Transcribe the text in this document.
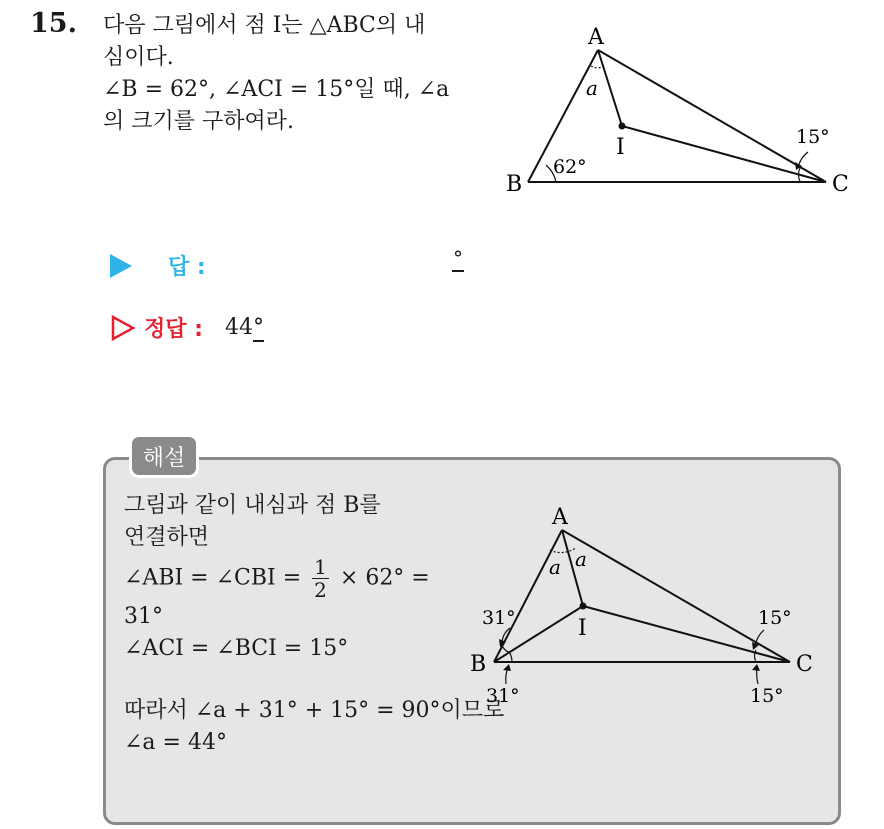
15. 다음 그림에서 점 I는 △ABC의 내
심이다.
∠B = 62°, ∠ACI = 15°일 때, ∠a
의 크기를 구하여라.
A
B	C
I
a
62°
15°
답 :	°
정답 : 44°
해설
그림과 같이 내심과 점 B를
연결하면
∠ABI = ∠CBI = $\frac{1}{2} \times 62^\circ$ =
31°
∠ACI = ∠BCI = 15°
따라서 ∠a + 31° + 15° = 90°이므로
∠a = 44°
A
B	C
I
a a
31°
31°
15°
15°
